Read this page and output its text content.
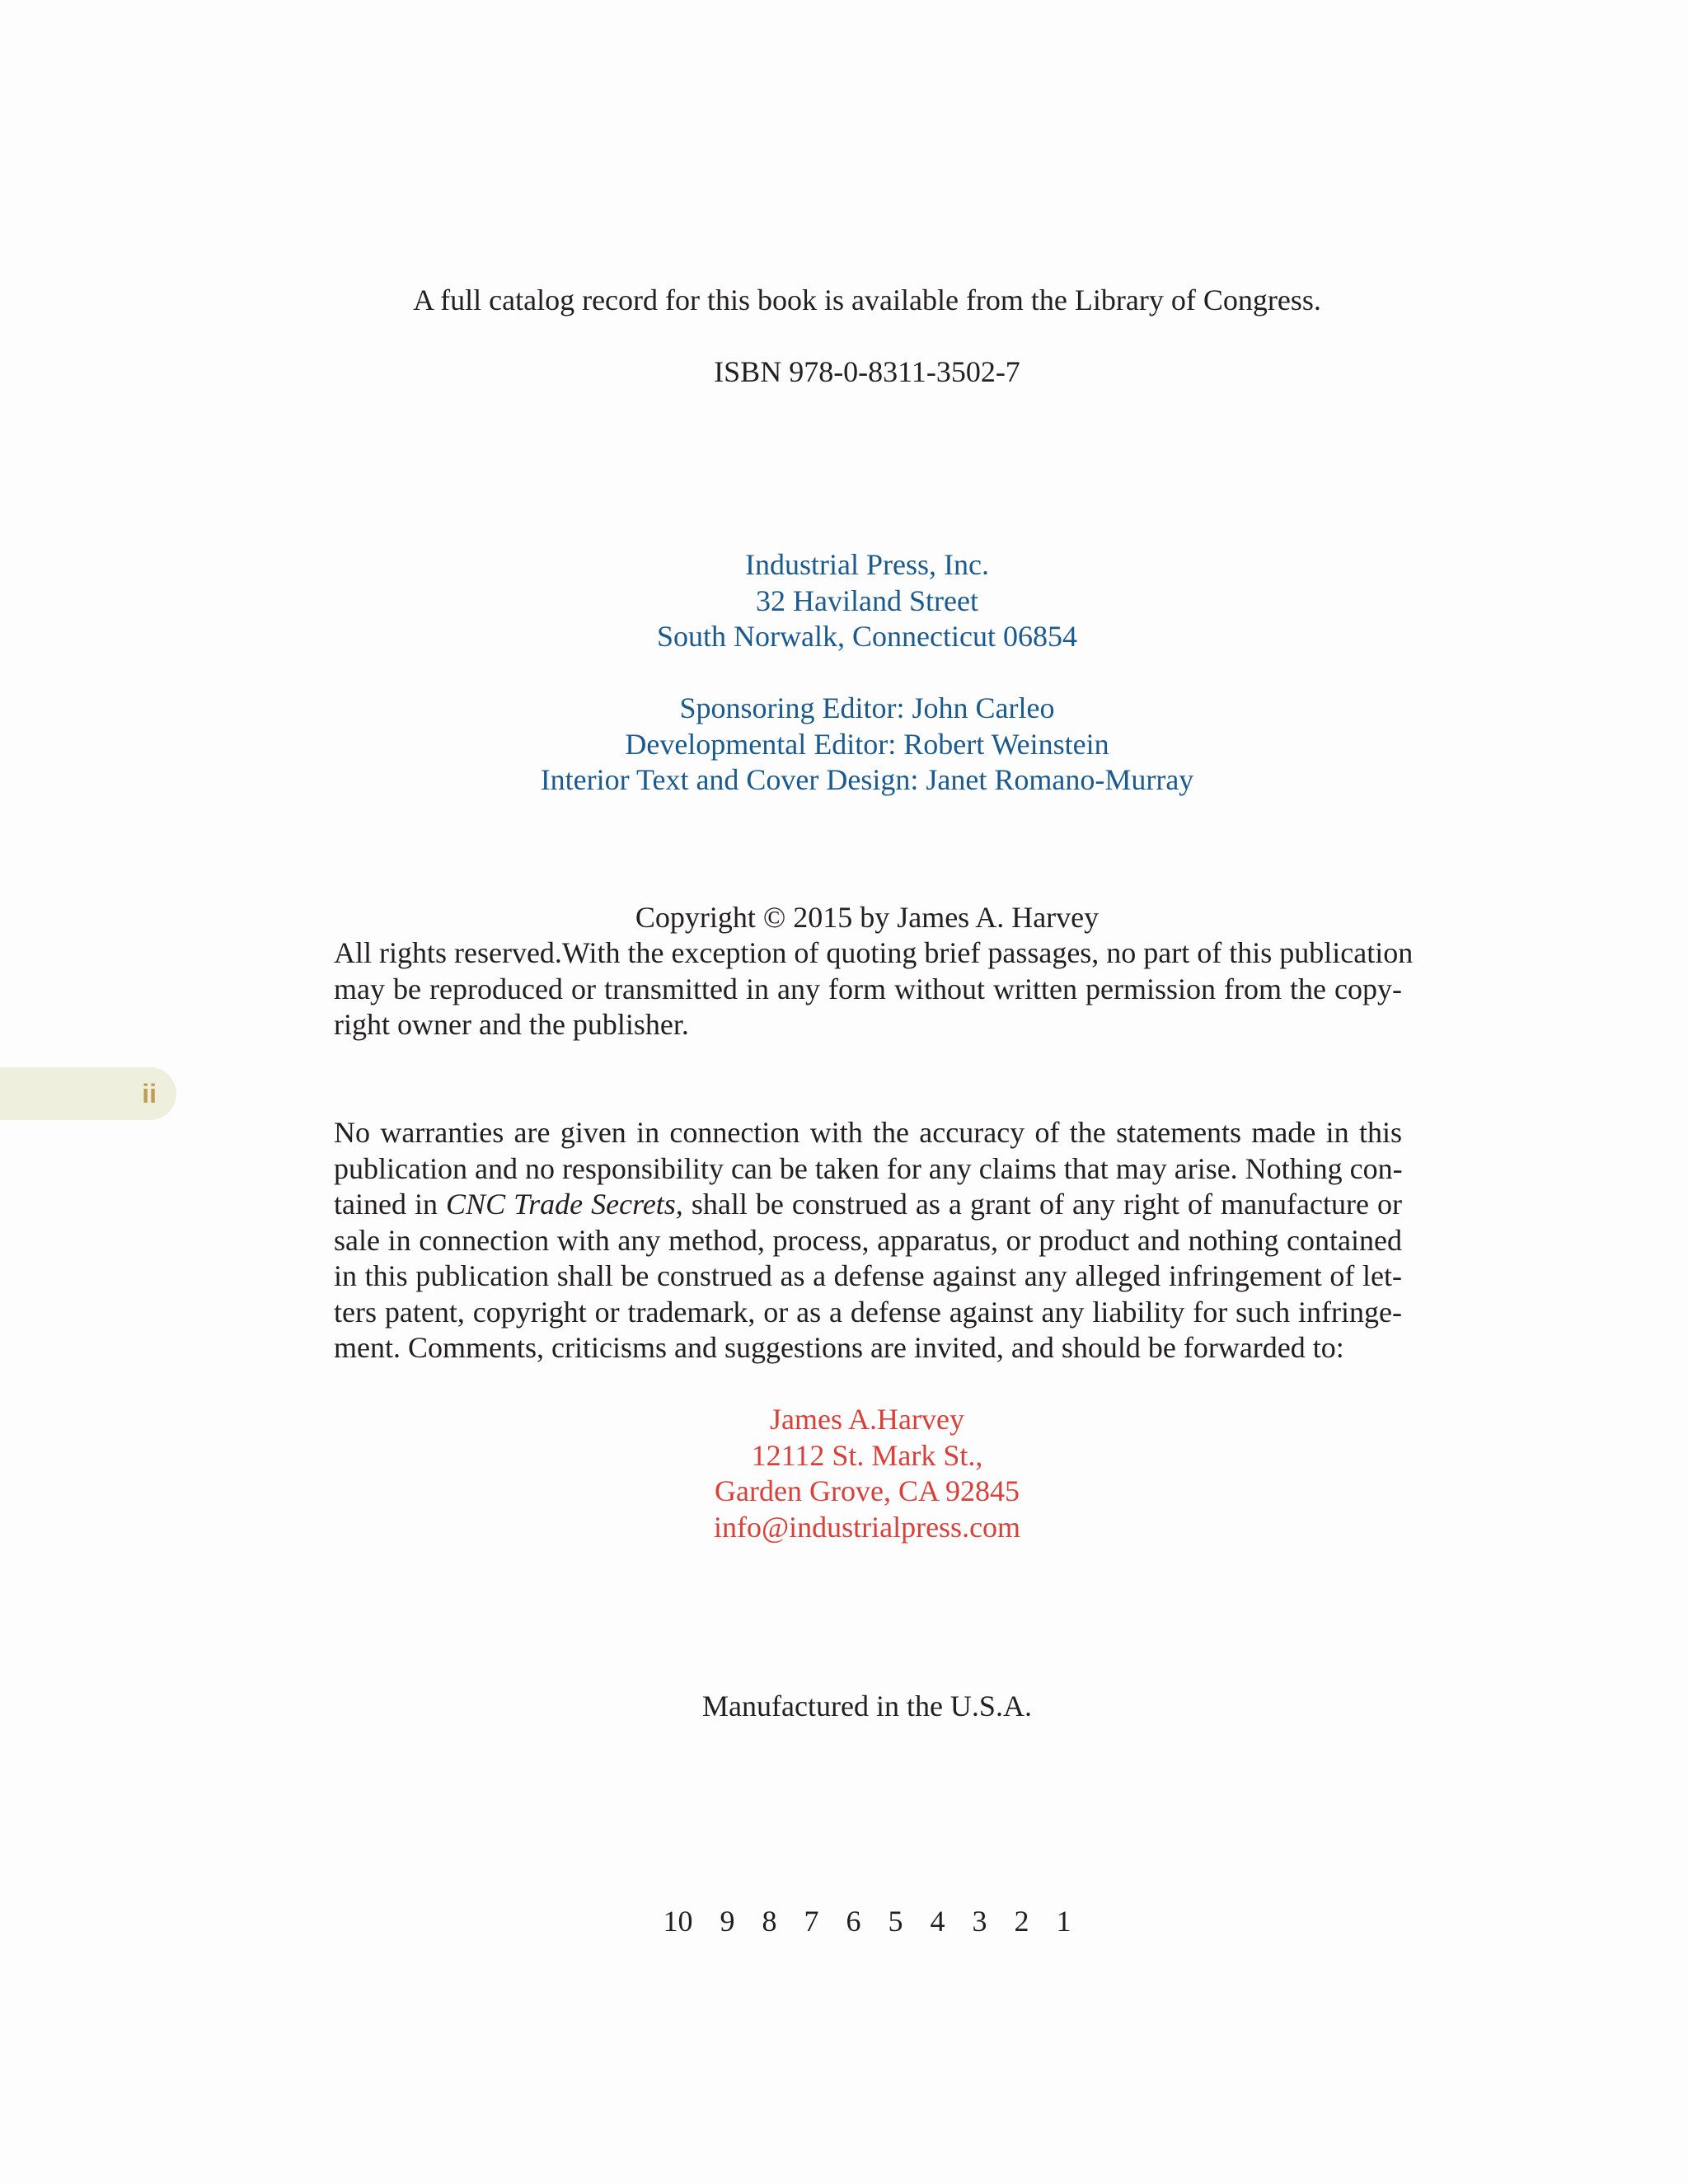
A full catalog record for this book is available from the Library of Congress.
ISBN 978-0-8311-3502-7
Industrial Press, Inc.
32 Haviland Street
South Norwalk, Connecticut 06854
Sponsoring Editor: John Carleo
Developmental Editor: Robert Weinstein
Interior Text and Cover Design: Janet Romano-Murray
Copyright © 2015 by James A. Harvey
All rights reserved.With the exception of quoting brief passages, no part of this publication
may be reproduced or transmitted in any form without written permission from the copy-
right owner and the publisher.
ii
No warranties are given in connection with the accuracy of the statements made in this
publication and no responsibility can be taken for any claims that may arise. Nothing con-
tained in CNC Trade Secrets, shall be construed as a grant of any right of manufacture or
sale in connection with any method, process, apparatus, or product and nothing contained
in this publication shall be construed as a defense against any alleged infringement of let-
ters patent, copyright or trademark, or as a defense against any liability for such infringe-
ment. Comments, criticisms and suggestions are invited, and should be forwarded to:
James A.Harvey
12112 St. Mark St.,
Garden Grove, CA 92845
info@industrialpress.com
Manufactured in the U.S.A.
10 9 8 7 6 5 4 3 2 1
